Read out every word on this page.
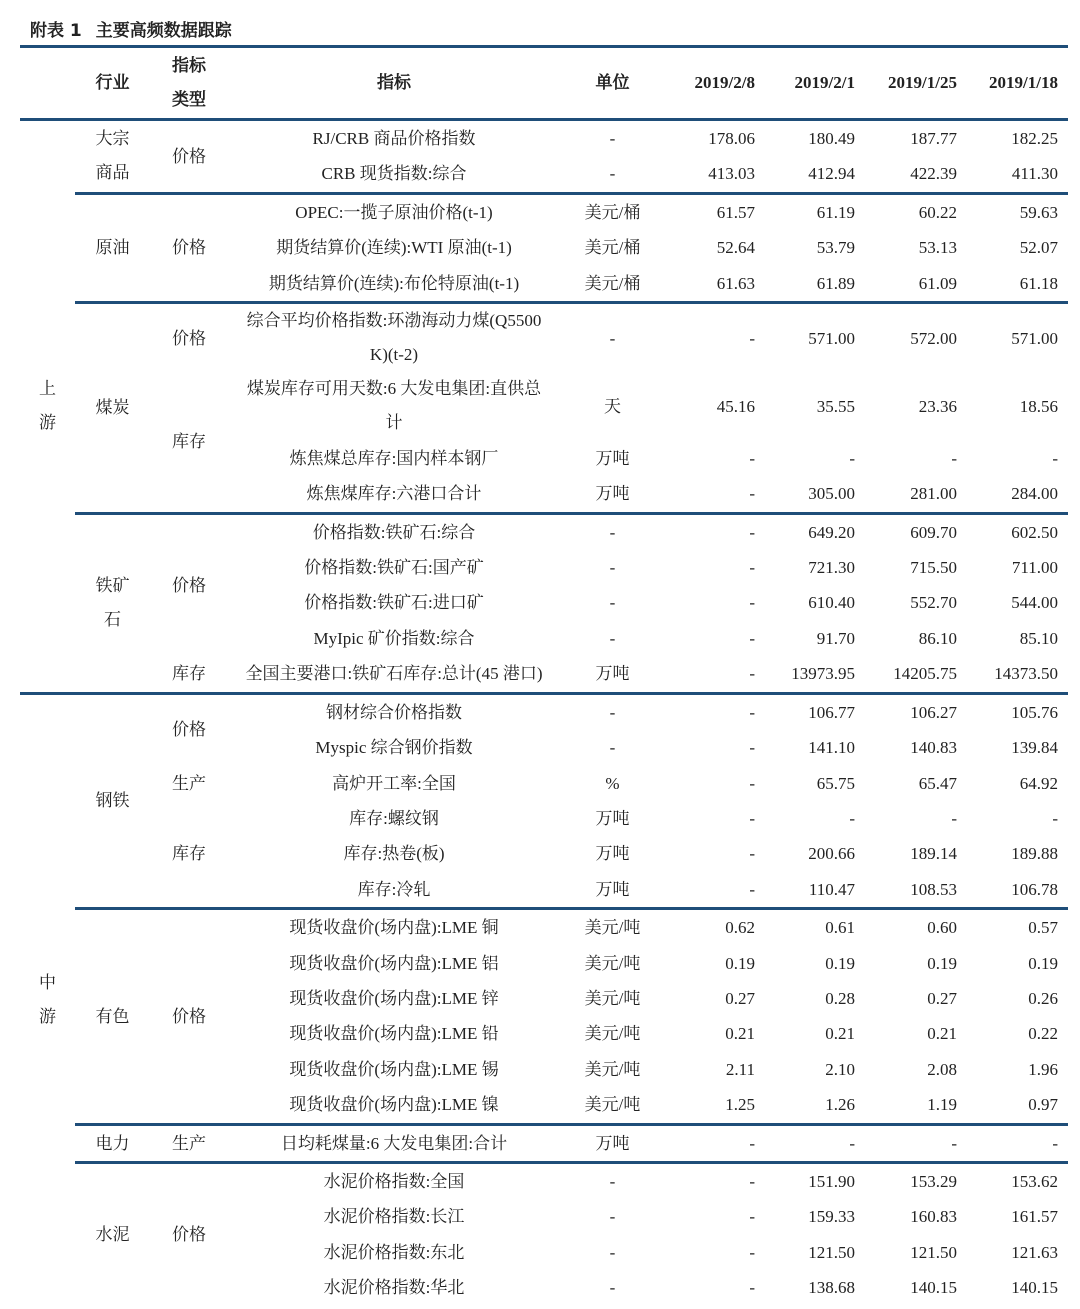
附表 1 主要高频数据跟踪
	行业	指标类型	指标	单位	2019/2/8	2019/2/1	2019/1/25	2019/1/18
上游	大宗商品	价格	RJ/CRB 商品价格指数	-	178.06	180.49	187.77	182.25
			CRB 现货指数:综合	-	413.03	412.94	422.39	411.30
	原油	价格	OPEC:一揽子原油价格(t-1)	美元/桶	61.57	61.19	60.22	59.63
			期货结算价(连续):WTI 原油(t-1)	美元/桶	52.64	53.79	53.13	52.07
			期货结算价(连续):布伦特原油(t-1)	美元/桶	61.63	61.89	61.09	61.18
	煤炭	价格	综合平均价格指数:环渤海动力煤(Q5500K)(t-2)	-	-	571.00	572.00	571.00
		库存	煤炭库存可用天数:6 大发电集团:直供总计	天	45.16	35.55	23.36	18.56
			炼焦煤总库存:国内样本钢厂	万吨	-	-	-	-
			炼焦煤库存:六港口合计	万吨	-	305.00	281.00	284.00
	铁矿石	价格	价格指数:铁矿石:综合	-	-	649.20	609.70	602.50
			价格指数:铁矿石:国产矿	-	-	721.30	715.50	711.00
			价格指数:铁矿石:进口矿	-	-	610.40	552.70	544.00
			MyIpic 矿价指数:综合	-	-	91.70	86.10	85.10
		库存	全国主要港口:铁矿石库存:总计(45 港口)	万吨	-	13973.95	14205.75	14373.50
中游	钢铁	价格	钢材综合价格指数	-	-	106.77	106.27	105.76
			Myspic 综合钢价指数	-	-	141.10	140.83	139.84
		生产	高炉开工率:全国	%	-	65.75	65.47	64.92
		库存	库存:螺纹钢	万吨	-	-	-	-
			库存:热卷(板)	万吨	-	200.66	189.14	189.88
			库存:冷轧	万吨	-	110.47	108.53	106.78
	有色	价格	现货收盘价(场内盘):LME 铜	美元/吨	0.62	0.61	0.60	0.57
			现货收盘价(场内盘):LME 铝	美元/吨	0.19	0.19	0.19	0.19
			现货收盘价(场内盘):LME 锌	美元/吨	0.27	0.28	0.27	0.26
			现货收盘价(场内盘):LME 铅	美元/吨	0.21	0.21	0.21	0.22
			现货收盘价(场内盘):LME 锡	美元/吨	2.11	2.10	2.08	1.96
			现货收盘价(场内盘):LME 镍	美元/吨	1.25	1.26	1.19	0.97
	电力	生产	日均耗煤量:6 大发电集团:合计	万吨	-	-	-	-
	水泥	价格	水泥价格指数:全国	-	-	151.90	153.29	153.62
			水泥价格指数:长江	-	-	159.33	160.83	161.57
			水泥价格指数:东北	-	-	121.50	121.50	121.63
			水泥价格指数:华北	-	-	138.68	140.15	140.15
